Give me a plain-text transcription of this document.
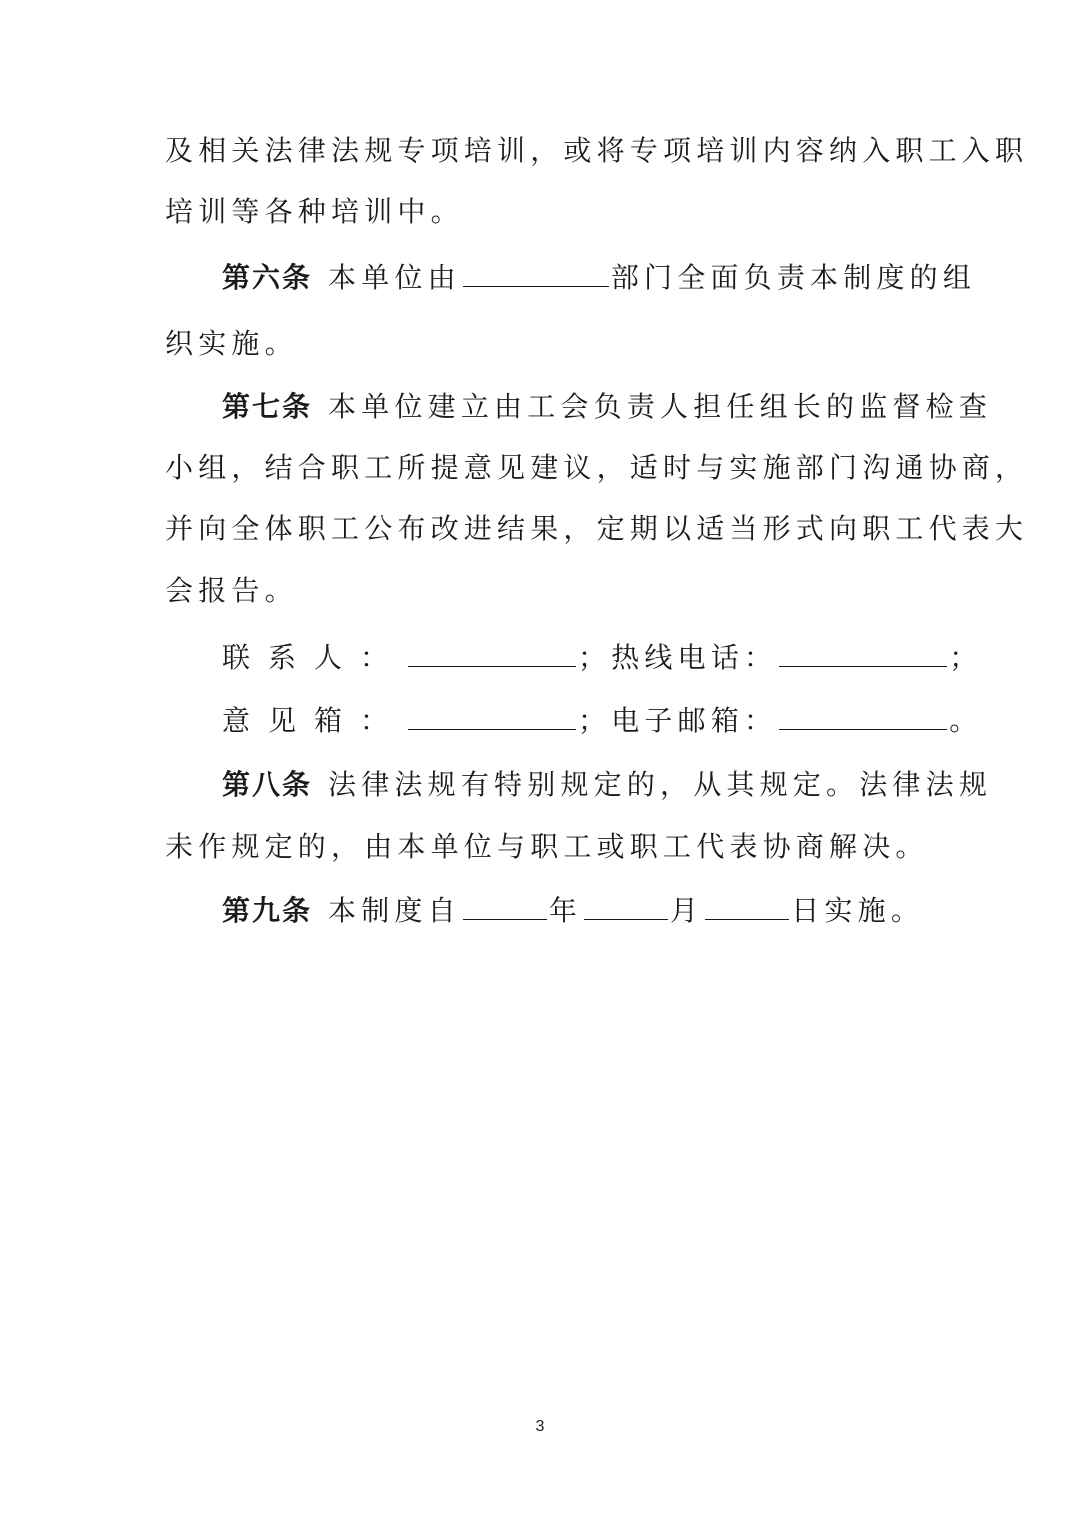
及相关法律法规专项培训，或将专项培训内容纳入职工入职
培训等各种培训中。
第六条 本单位由	部门全面负责本制度的组
织实施。
第七条 本单位建立由工会负责人担任组长的监督检查
小组，结合职工所提意见建议，适时与实施部门沟通协商，
并向全体职工公布改进结果，定期以适当形式向职工代表大
会报告。
联系人：	；热线电话：	；
意见箱：	；电子邮箱：	。
第八条 法律法规有特别规定的，从其规定。法律法规
未作规定的，由本单位与职工或职工代表协商解决。
第九条 本制度自	年	月	日实施。
3
